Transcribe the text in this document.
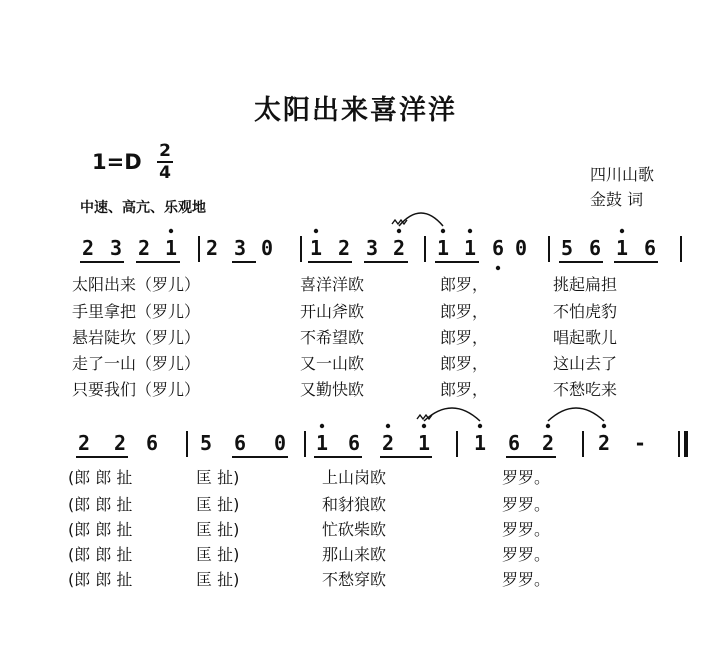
太阳出来喜洋洋
1=D 2
4	四川山歌
金鼓 词
中速、高亢、乐观地
2 3 2 1 2 3 0 1 2 3 2 1 1 6 0 5 6 1 6
太阳出来（罗儿）	喜洋洋欧	郎罗，	挑起扁担
手里拿把（罗儿）	开山斧欧	郎罗，	不怕虎豹
悬岩陡坎（罗儿）	不希望欧	郎罗，	唱起歌儿
走了一山（罗儿）	又一山欧	郎罗，	这山去了
只要我们（罗儿）	又勤快欧	郎罗，	不愁吃来
2 2 6 5 6 0 1 6 2 1 1 6 2 2 -
(郎 郎 扯	匡 扯)	上山岗欧	罗罗。
(郎 郎 扯	匡 扯)	和豺狼欧	罗罗。
(郎 郎 扯	匡 扯)	忙砍柴欧	罗罗。
(郎 郎 扯	匡 扯)	那山来欧	罗罗。
(郎 郎 扯	匡 扯)	不愁穿欧	罗罗。
